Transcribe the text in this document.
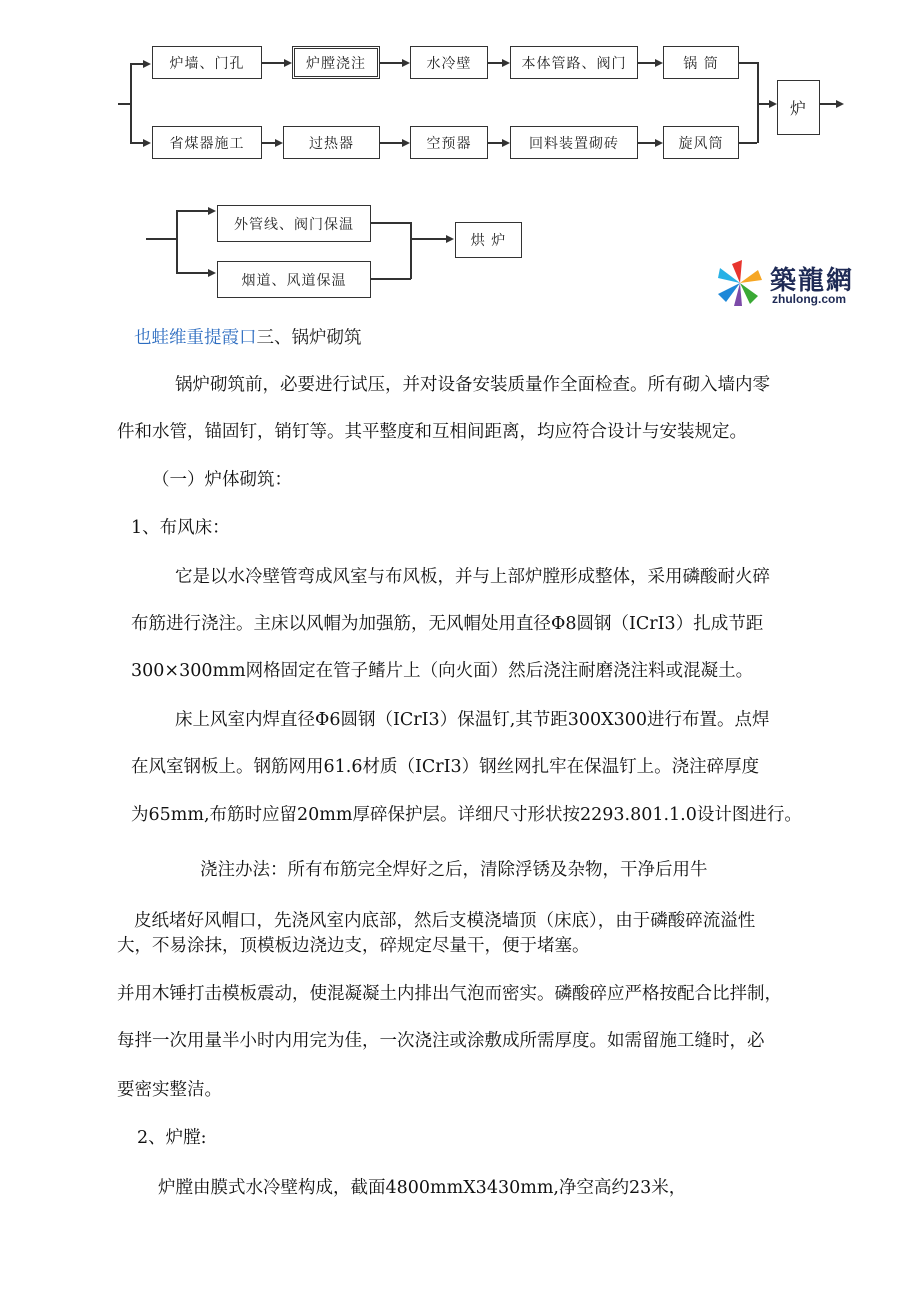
炉墙、门孔	炉膛浇注	水冷壁	本体管路、阀门	锅 筒
省煤器施工	过热器	空预器	回料装置砌砖	旋风筒
炉
外管线、阀门保温
烟道、风道保温
烘 炉
築龍網
zhulong.com
也蛙维重提霞口三、锅炉砌筑
锅炉砌筑前，必要进行试压，并对设备安装质量作全面检查。所有砌入墙内零
件和水管，锚固钉，销钉等。其平整度和互相间距离，均应符合设计与安装规定。
（一）炉体砌筑：
1、布风床：
它是以水冷壁管弯成风室与布风板，并与上部炉膛形成整体，采用磷酸耐火碎
布筋进行浇注。主床以风帽为加强筋，无风帽处用直径Φ8圆钢（ICrI3）扎成节距
300×300mm网格固定在管子鳍片上（向火面）然后浇注耐磨浇注料或混凝土。
床上风室内焊直径Φ6圆钢（ICrI3）保温钉,其节距300X300进行布置。点焊
在风室钢板上。钢筋网用61.6材质（ICrI3）钢丝网扎牢在保温钉上。浇注碎厚度
为65mm,布筋时应留20mm厚碎保护层。详细尺寸形状按2293.801.1.0设计图进行。
浇注办法：所有布筋完全焊好之后，清除浮锈及杂物，干净后用牛
皮纸堵好风帽口，先浇风室内底部，然后支模浇墙顶（床底），由于磷酸碎流溢性
大，不易涂抹，顶模板边浇边支，碎规定尽量干，便于堵塞。
并用木锤打击模板震动，使混凝凝土内排出气泡而密实。磷酸碎应严格按配合比拌制，
每拌一次用量半小时内用完为佳，一次浇注或涂敷成所需厚度。如需留施工缝时，必
要密实整洁。
2、炉膛:
炉膛由膜式水冷壁构成，截面4800mmX3430mm,净空高约23米，
